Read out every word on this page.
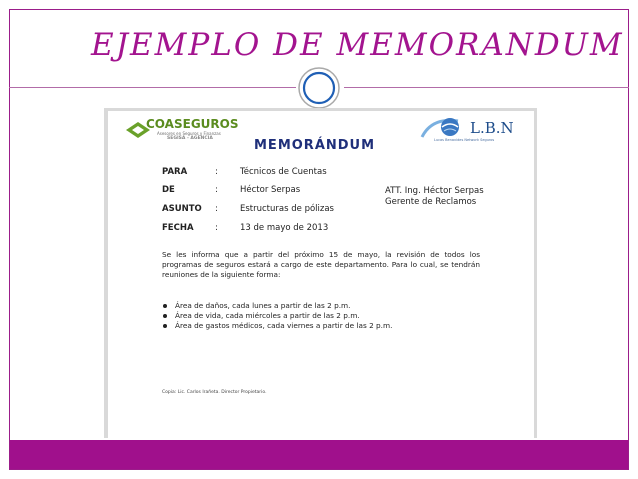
EJEMPLO DE MEMORANDUM
COASEGUROS
Asesores en Seguros y Finanzas
SEGISA - AGENCIA
L.B.N
Lucas Benavides Network Seguros
MEMORÁNDUM
PARA	:	Técnicos de Cuentas
DE	:	Héctor Serpas
ASUNTO :	Estructuras de pólizas
FECHA	:	13 de mayo de 2013
ATT. Ing. Héctor Serpas
Gerente de Reclamos
Se les informa que a partir del próximo 15 de mayo, la revisión de todos los programas de seguros estará a cargo de este departamento. Para lo cual, se tendrán reuniones de la siguiente forma:
Área de daños, cada lunes a partir de las 2 p.m.
Área de vida, cada miércoles a partir de las 2 p.m.
Área de gastos médicos, cada viernes a partir de las 2 p.m.
Copia: Lic. Carlos Irañeta. Director Propietario.
